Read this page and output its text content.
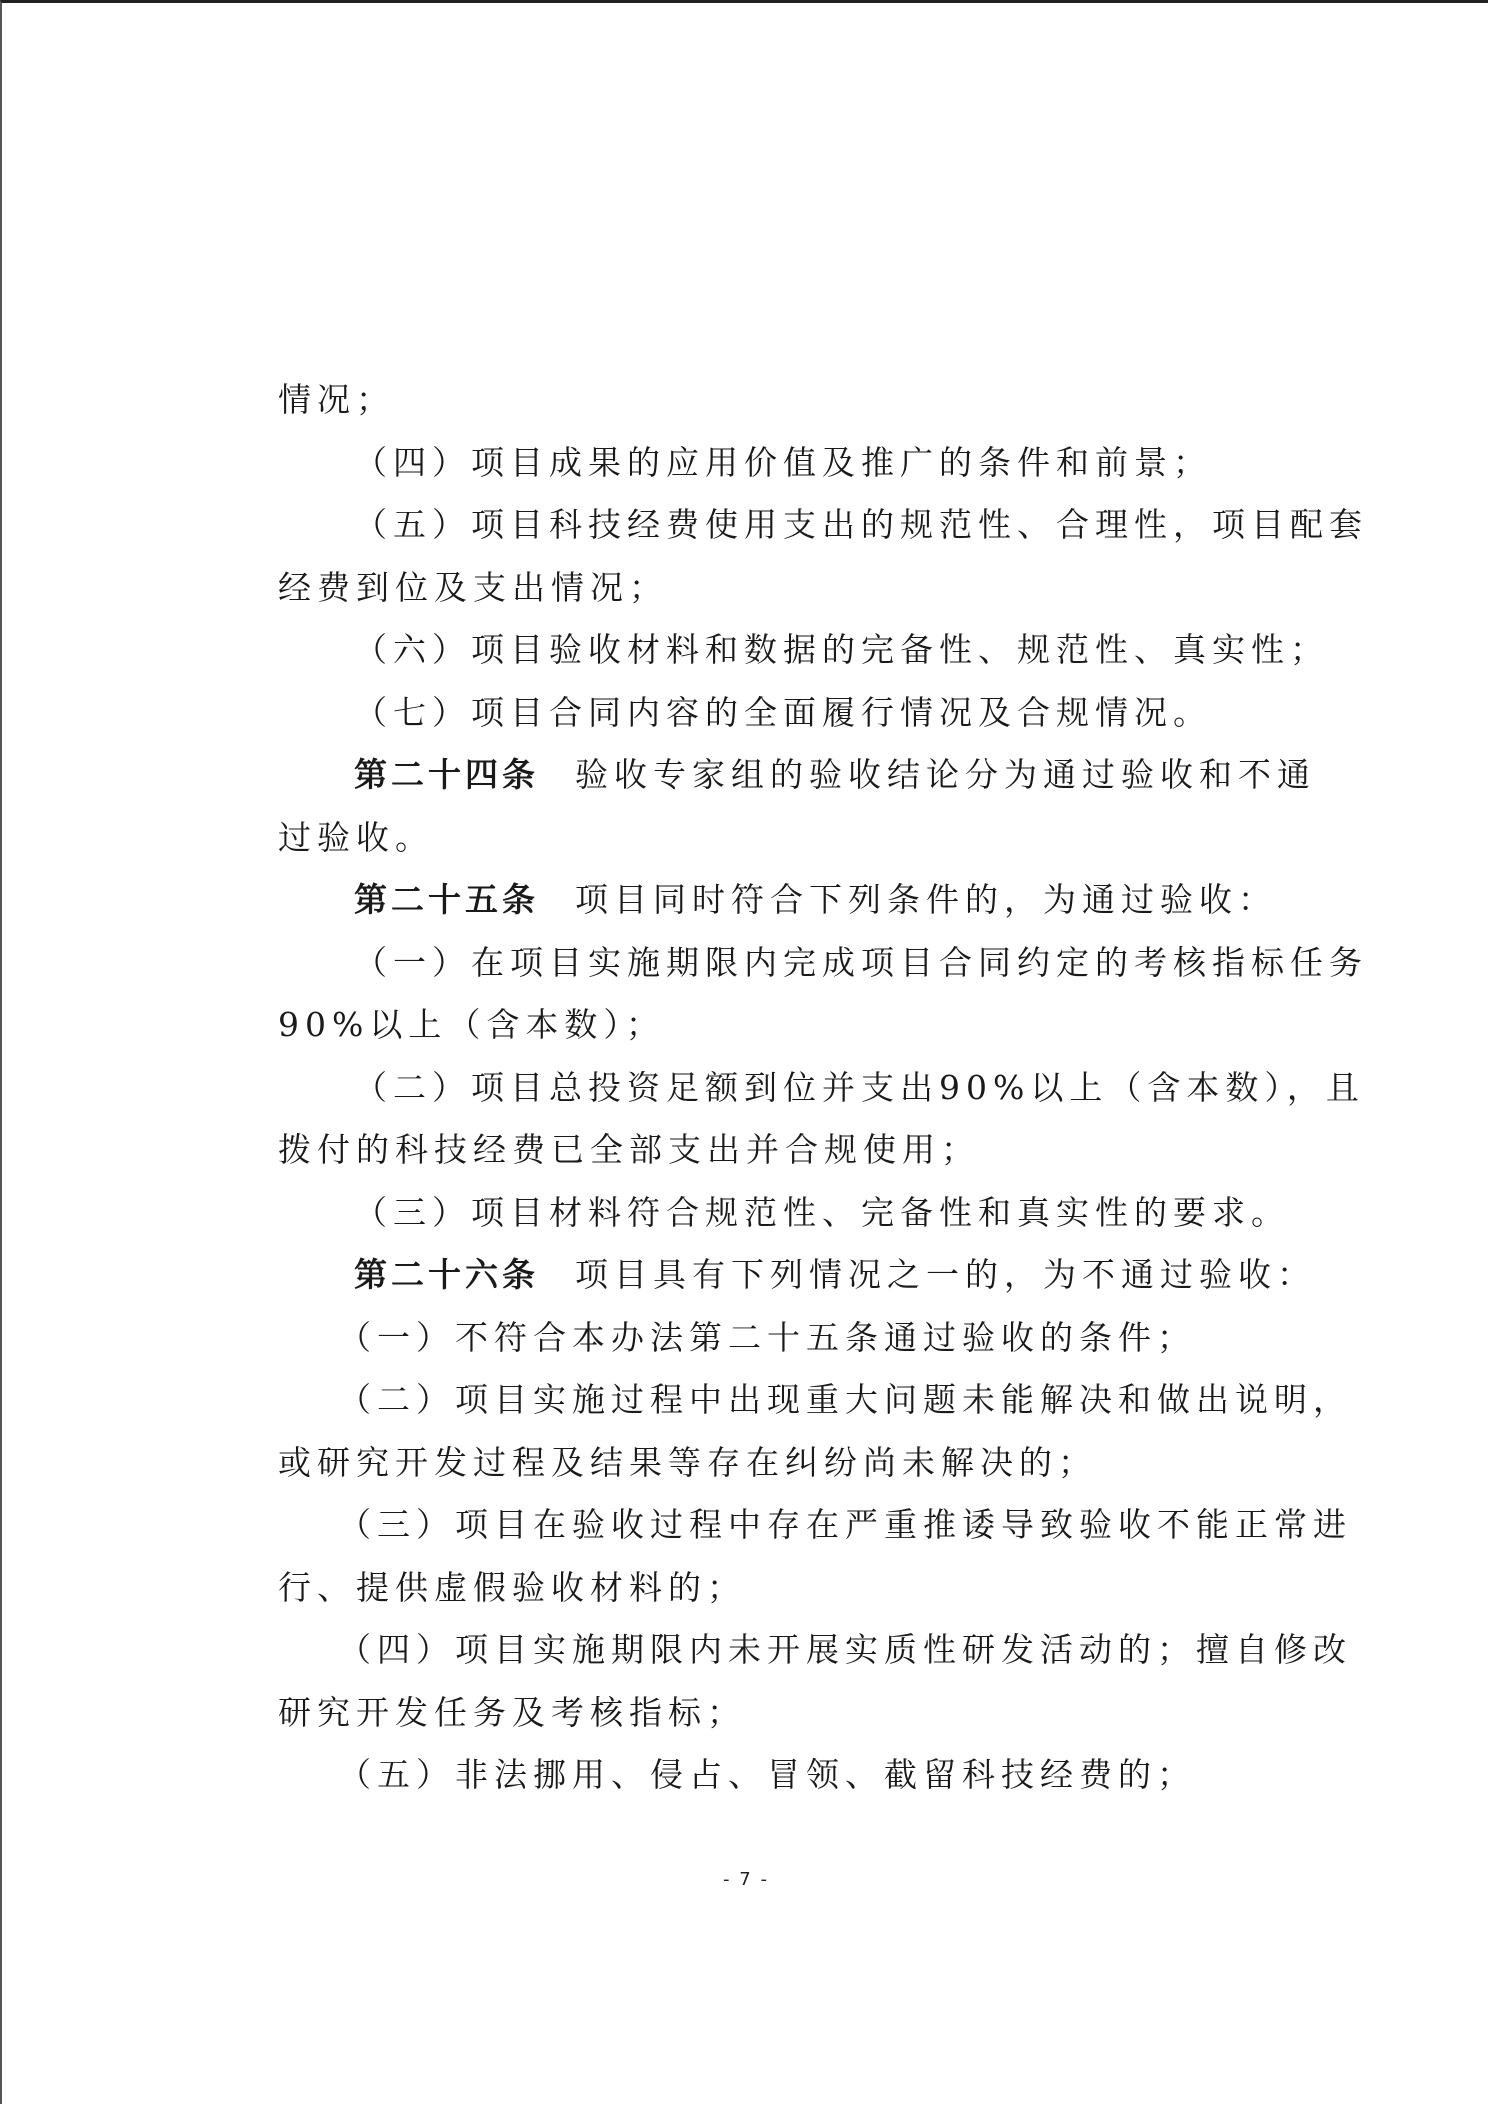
情况；
（四）项目成果的应用价值及推广的条件和前景；
（五）项目科技经费使用支出的规范性、合理性，项目配套
经费到位及支出情况；
（六）项目验收材料和数据的完备性、规范性、真实性；
（七）项目合同内容的全面履行情况及合规情况。
第二十四条 验收专家组的验收结论分为通过验收和不通
过验收。
第二十五条 项目同时符合下列条件的，为通过验收：
（一）在项目实施期限内完成项目合同约定的考核指标任务
90%以上（含本数）；
（二）项目总投资足额到位并支出90%以上（含本数），且
拨付的科技经费已全部支出并合规使用；
（三）项目材料符合规范性、完备性和真实性的要求。
第二十六条 项目具有下列情况之一的，为不通过验收：
（一）不符合本办法第二十五条通过验收的条件；
（二）项目实施过程中出现重大问题未能解决和做出说明，
或研究开发过程及结果等存在纠纷尚未解决的；
（三）项目在验收过程中存在严重推诿导致验收不能正常进
行、提供虚假验收材料的；
（四）项目实施期限内未开展实质性研发活动的；擅自修改
研究开发任务及考核指标；
（五）非法挪用、侵占、冒领、截留科技经费的；
- 7 -
